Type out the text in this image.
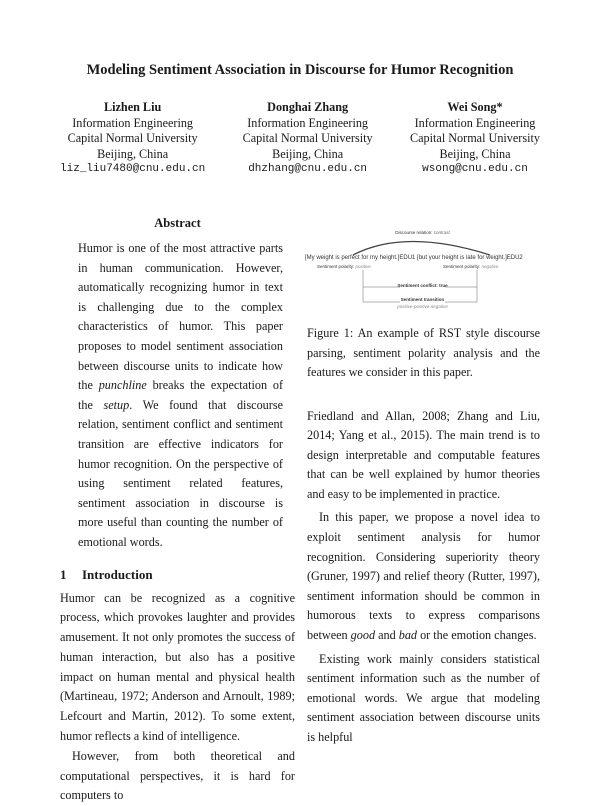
Modeling Sentiment Association in Discourse for Humor Recognition
Lizhen Liu
Information Engineering
Capital Normal University
Beijing, China
liz_liu7480@cnu.edu.cn
Donghai Zhang
Information Engineering
Capital Normal University
Beijing, China
dhzhang@cnu.edu.cn
Wei Song*
Information Engineering
Capital Normal University
Beijing, China
wsong@cnu.edu.cn
Abstract
Humor is one of the most attractive parts in human communication. However, automatically recognizing humor in text is challenging due to the complex characteristics of humor. This paper proposes to model sentiment association between discourse units to indicate how the punchline breaks the expectation of the setup. We found that discourse relation, sentiment conflict and sentiment transition are effective indicators for humor recognition. On the perspective of using sentiment related features, sentiment association in discourse is more useful than counting the number of emotional words.
1 Introduction

Humor can be recognized as a cognitive process, which provokes laughter and provides amusement. It not only promotes the success of human interaction, but also has a positive impact on human mental and physical health (Martineau, 1972; Anderson and Arnoult, 1989; Lefcourt and Martin, 2012). To some extent, humor reflects a kind of intelligence.

However, from both theoretical and computational perspectives, it is hard for computers to

Discourse relation: contrast
[My weight is perfect for my height.]EDU1 [but your height is late for weight.]EDU2
Sentiment polarity: positive	Sentiment polarity: negative
Sentiment conflict: true
Sentiment transition
positive-positive-negative
Figure 1: An example of RST style discourse parsing, sentiment polarity analysis and the features we consider in this paper.

Friedland and Allan, 2008; Zhang and Liu, 2014; Yang et al., 2015). The main trend is to design interpretable and computable features that can be well explained by humor theories and easy to be implemented in practice.

In this paper, we propose a novel idea to exploit sentiment analysis for humor recognition. Considering superiority theory (Gruner, 1997) and relief theory (Rutter, 1997), sentiment information should be common in humorous texts to express comparisons between good and bad or the emotion changes.

Existing work mainly considers statistical sentiment information such as the number of emotional words. We argue that modeling sentiment association between discourse units is helpful
